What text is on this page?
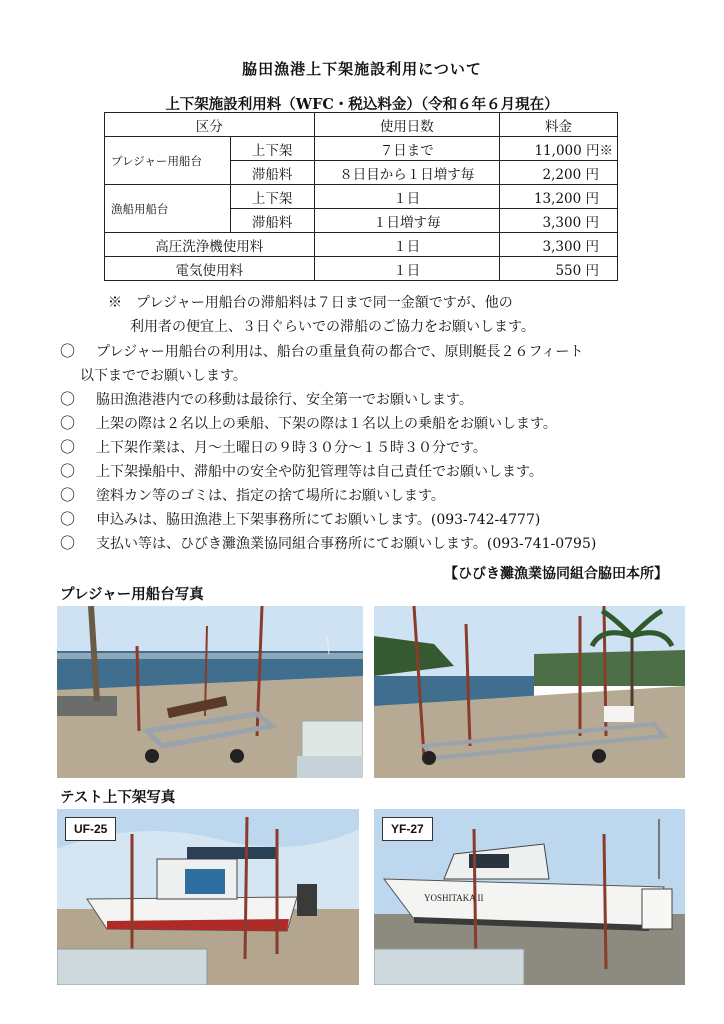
脇田漁港上下架施設利用について
上下架施設利用料（WFC・税込料金）（令和６年６月現在）
区分		使用日数	料金
プレジャー用船台	上下架	７日まで	11,000 円※
	滞船料	８日目から１日増す毎	2,200 円
漁船用船台	上下架	１日	13,200 円
	滞船料	１日増す毎	3,300 円
高圧洗浄機使用料		１日	3,300 円
電気使用料		１日	550 円
※　プレジャー用船台の滞船料は７日まで同一金額ですが、他の
利用者の便宜上、３日ぐらいでの滞船のご協力をお願いします。
〇 プレジャー用船台の利用は、船台の重量負荷の都合で、原則艇長２６フィート
以下まででお願いします。
〇 脇田漁港港内での移動は最徐行、安全第一でお願いします。
〇 上架の際は２名以上の乗船、下架の際は１名以上の乗船をお願いします。
〇 上下架作業は、月～土曜日の９時３０分～１５時３０分です。
〇 上下架操船中、滞船中の安全や防犯管理等は自己責任でお願いします。
〇 塗料カン等のゴミは、指定の捨て場所にお願いします。
〇 申込みは、脇田漁港上下架事務所にてお願いします。(093-742-4777)
〇 支払い等は、ひびき灘漁業協同組合事務所にてお願いします。(093-741-0795)
【ひびき灘漁業協同組合脇田本所】
プレジャー用船台写真
テスト上下架写真
UF-25
YOSHITAKA II
YF-27
